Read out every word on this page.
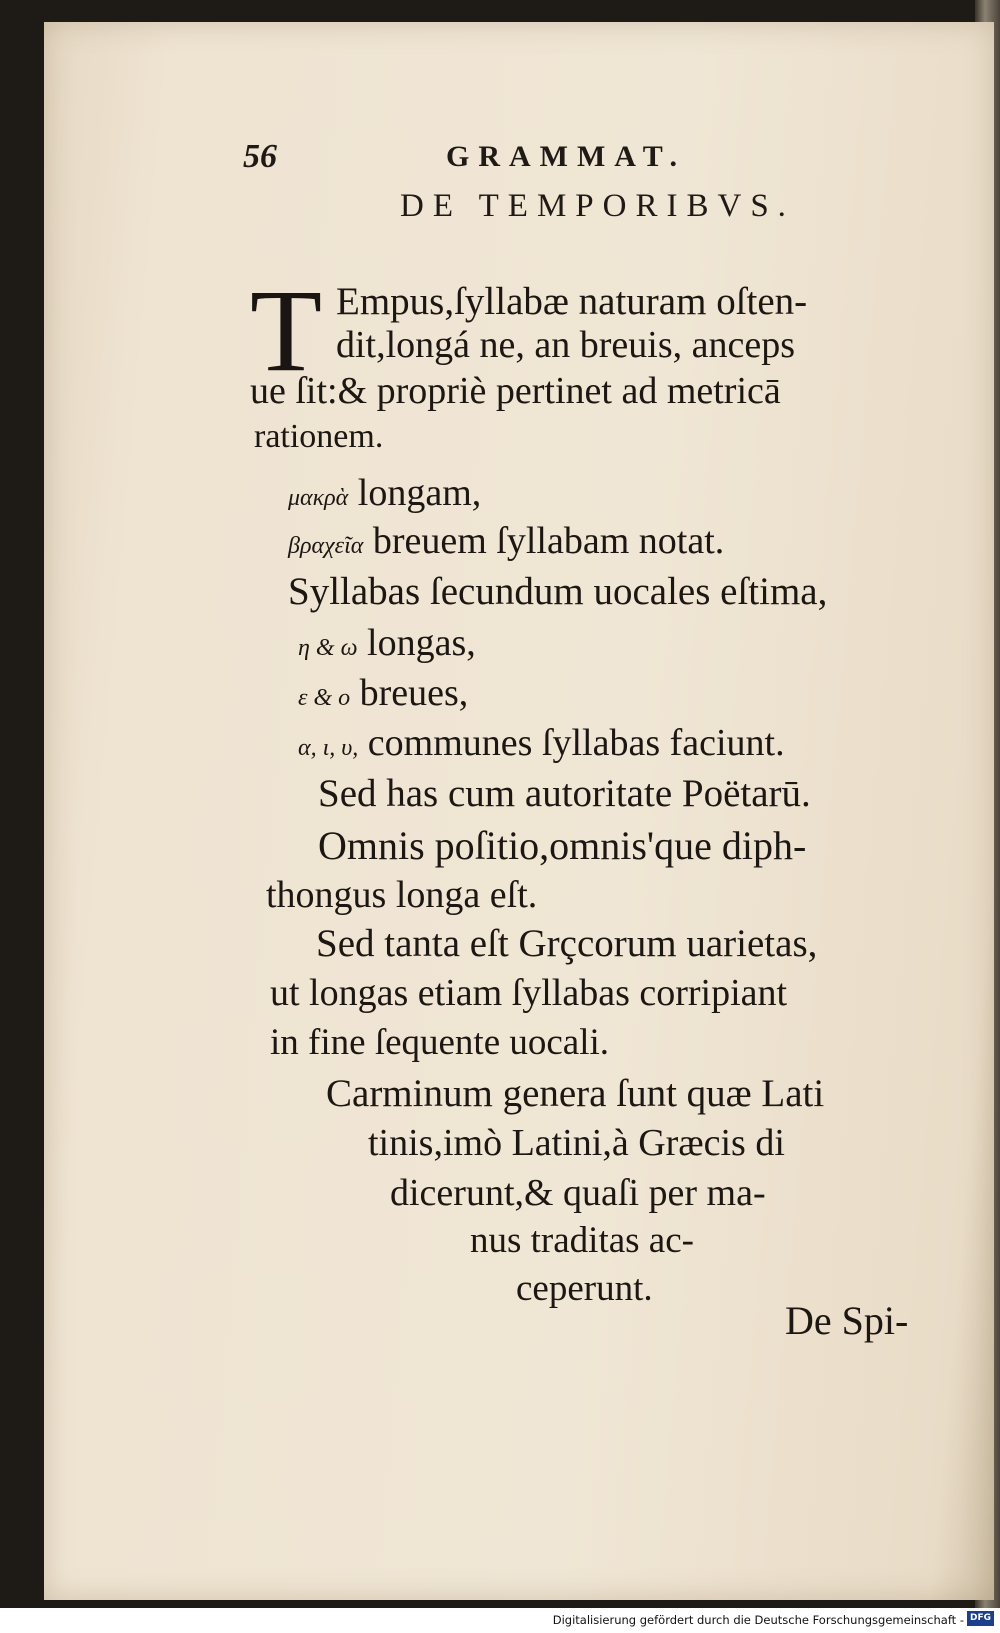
56	GRAMMAT.
DE TEMPORIBVS.
T Empus,ſyllabæ naturam oſten-
dit,longá ne, an breuis, anceps
ue ſit:& propriè pertinet ad metricā
rationem.
μακρὰ longam,
βραχεῖα breuem ſyllabam notat.
Syllabas ſecundum uocales eſtima,
η & ω longas,
ε & ο breues,
α, ι, υ, communes ſyllabas faciunt.
Sed has cum autoritate Poëtarū.
Omnis poſitio,omnis'que diph-
thongus longa eſt.
Sed tanta eſt Grçcorum uarietas,
ut longas etiam ſyllabas corripiant
in fine ſequente uocali.
Carminum genera ſunt quæ Lati
tinis,imò Latini,à Græcis di
dicerunt,& quaſi per ma-
nus traditas ac-
ceperunt.
De Spi-
Digitalisierung gefördert durch die Deutsche Forschungsgemeinschaft - DFG
